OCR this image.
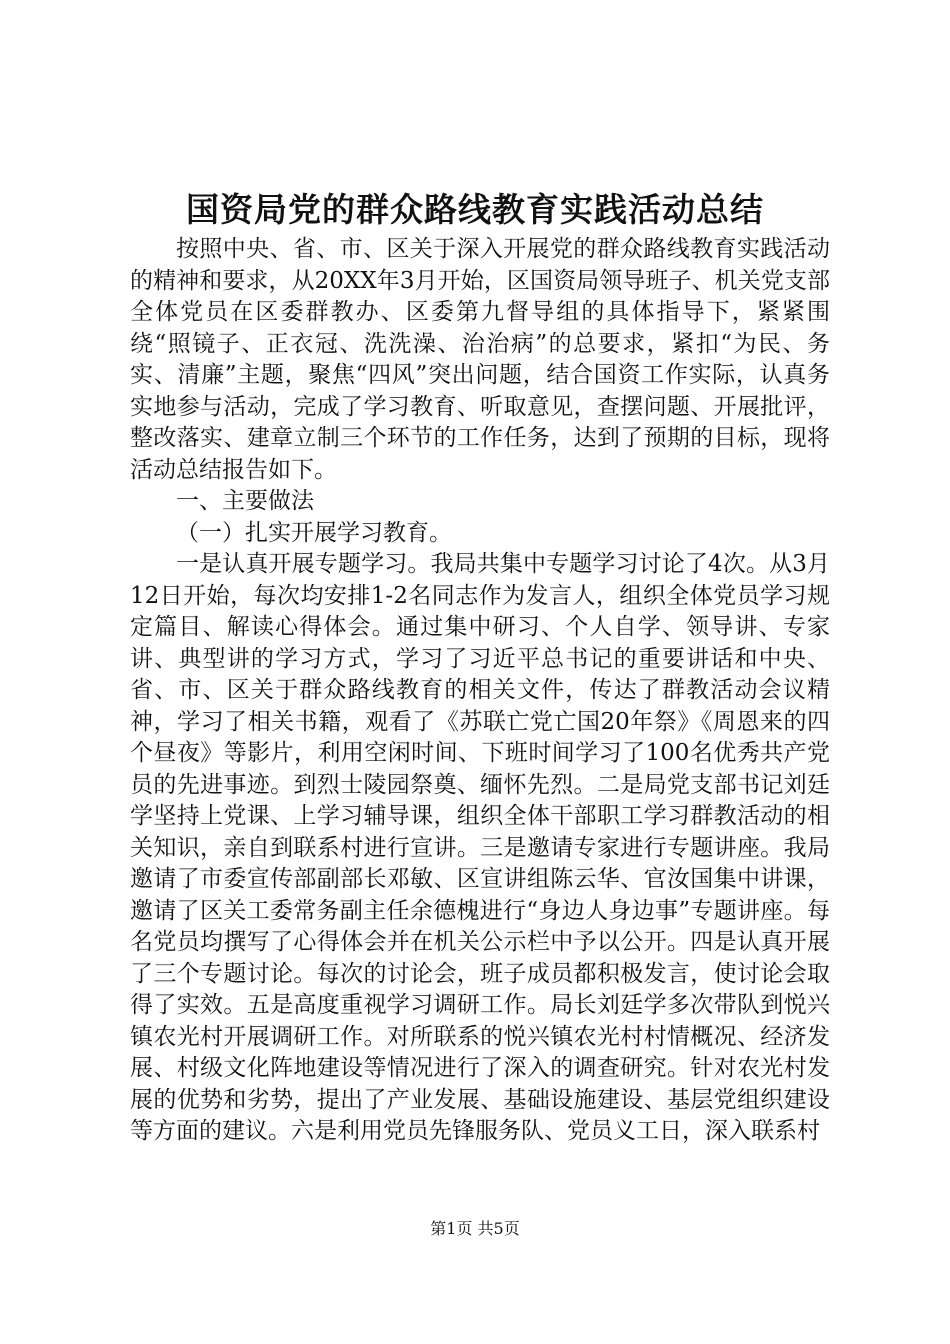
国资局党的群众路线教育实践活动总结

按照中央、省、市、区关于深入开展党的群众路线教育实践活动的精神和要求，从20XX年3月开始，区国资局领导班子、机关党支部全体党员在区委群教办、区委第九督导组的具体指导下，紧紧围绕“照镜子、正衣冠、洗洗澡、治治病”的总要求，紧扣“为民、务实、清廉”主题，聚焦“四风”突出问题，结合国资工作实际，认真务实地参与活动，完成了学习教育、听取意见，查摆问题、开展批评，整改落实、建章立制三个环节的工作任务，达到了预期的目标，现将活动总结报告如下。

一、主要做法

（一）扎实开展学习教育。

一是认真开展专题学习。我局共集中专题学习讨论了4次。从3月12日开始，每次均安排1-2名同志作为发言人，组织全体党员学习规定篇目、解读心得体会。通过集中研习、个人自学、领导讲、专家讲、典型讲的学习方式，学习了习近平总书记的重要讲话和中央、省、市、区关于群众路线教育的相关文件，传达了群教活动会议精神，学习了相关书籍，观看了《苏联亡党亡国20年祭》《周恩来的四个昼夜》等影片，利用空闲时间、下班时间学习了100名优秀共产党员的先进事迹。到烈士陵园祭奠、缅怀先烈。二是局党支部书记刘廷学坚持上党课、上学习辅导课，组织全体干部职工学习群教活动的相关知识，亲自到联系村进行宣讲。三是邀请专家进行专题讲座。我局邀请了市委宣传部副部长邓敏、区宣讲组陈云华、官汝国集中讲课，邀请了区关工委常务副主任余德槐进行“身边人身边事”专题讲座。每名党员均撰写了心得体会并在机关公示栏中予以公开。四是认真开展了三个专题讨论。每次的讨论会，班子成员都积极发言，使讨论会取得了实效。五是高度重视学习调研工作。局长刘廷学多次带队到悦兴镇农光村开展调研工作。对所联系的悦兴镇农光村村情概况、经济发展、村级文化阵地建设等情况进行了深入的调查研究。针对农光村发展的优势和劣势，提出了产业发展、基础设施建设、基层党组织建设等方面的建议。六是利用党员先锋服务队、党员义工日，深入联系村

第1页 共5页
